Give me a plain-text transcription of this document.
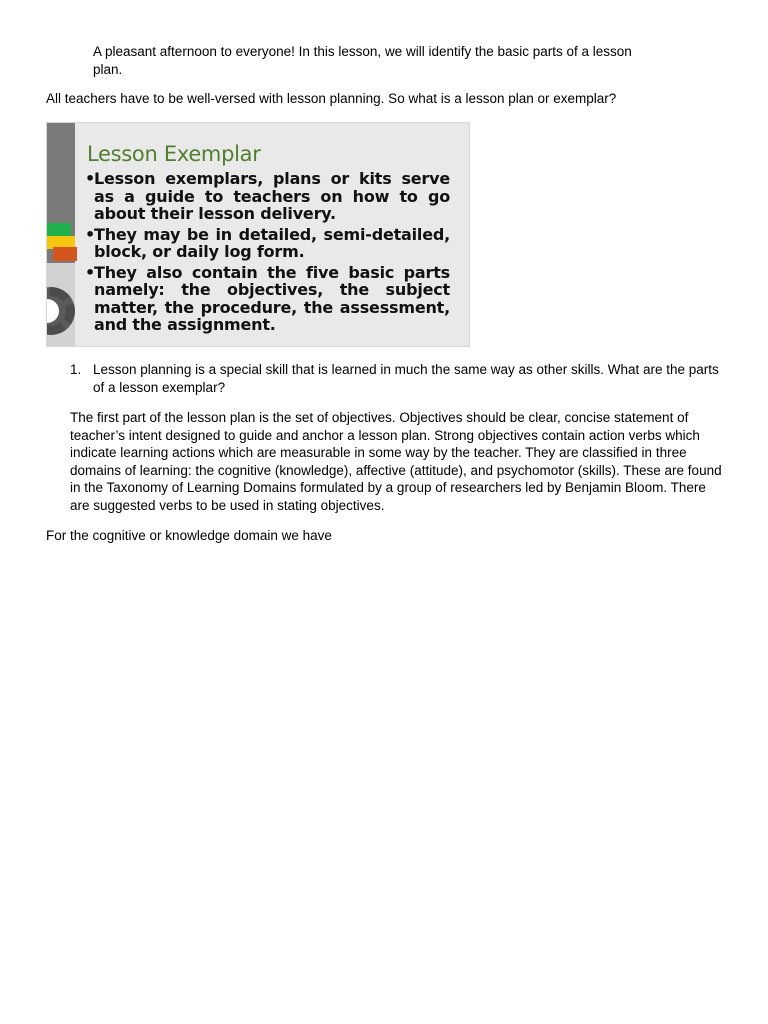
A pleasant afternoon to everyone! In this lesson, we will identify the basic parts of a lesson plan.

All teachers have to be well-versed with lesson planning. So what is a lesson plan or exemplar?

Lesson Exemplar
• Lesson exemplars, plans or kits serve as a guide to teachers on how to go about their lesson delivery.
• They may be in detailed, semi-detailed, block, or daily log form.
• They also contain the five basic parts namely: the objectives, the subject matter, the procedure, the assessment, and the assignment.
1. Lesson planning is a special skill that is learned in much the same way as other skills. What are the parts of a lesson exemplar?

The first part of the lesson plan is the set of objectives. Objectives should be clear, concise statement of teacher’s intent designed to guide and anchor a lesson plan. Strong objectives contain action verbs which indicate learning actions which are measurable in some way by the teacher. They are classified in three domains of learning: the cognitive (knowledge), affective (attitude), and psychomotor (skills). These are found in the Taxonomy of Learning Domains formulated by a group of researchers led by Benjamin Bloom. There are suggested verbs to be used in stating objectives.

For the cognitive or knowledge domain we have
